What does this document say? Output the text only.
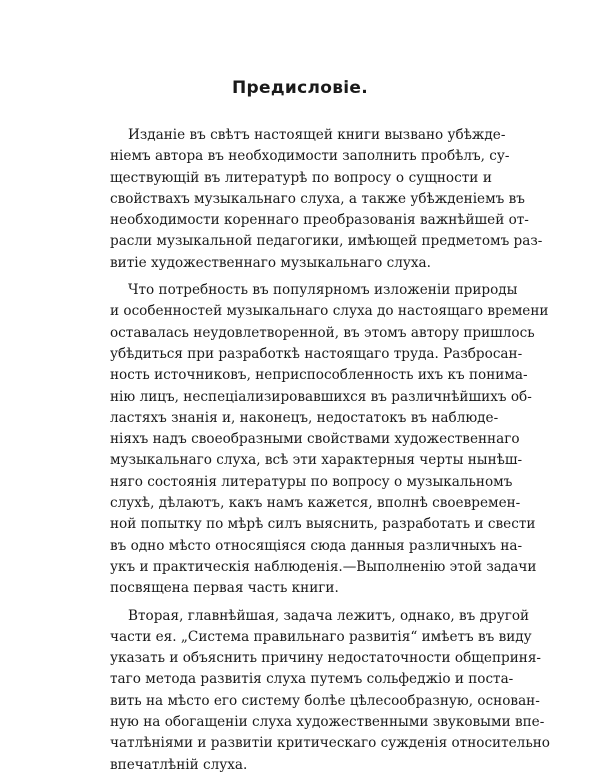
Предисловіе.
Изданіе въ свѣтъ настоящей книги вызвано убѣжде-
ніемъ автора въ необходимости заполнить пробѣлъ, су-
ществующій въ литературѣ по вопросу о сущности и
свойствахъ музыкальнаго слуха, а также убѣжденіемъ въ
необходимости кореннаго преобразованія важнѣйшей от-
расли музыкальной педагогики, имѣющей предметомъ раз-
витіе художественнаго музыкальнаго слуха.
Что потребность въ популярномъ изложеніи природы
и особенностей музыкальнаго слуха до настоящаго времени
оставалась неудовлетворенной, въ этомъ автору пришлось
убѣдиться при разработкѣ настоящаго труда. Разбросан-
ность источниковъ, неприспособленность ихъ къ понима-
нію лицъ, неспеціализировавшихся въ различнѣйшихъ об-
ластяхъ знанія и, наконецъ, недостатокъ въ наблюде-
ніяхъ надъ своеобразными свойствами художественнаго
музыкальнаго слуха, всѣ эти характерныя черты нынѣш-
няго состоянія литературы по вопросу о музыкальномъ
слухѣ, дѣлаютъ, какъ намъ кажется, вполнѣ своевремен-
ной попытку по мѣрѣ силъ выяснить, разработать и свести
въ одно мѣсто относящіяся сюда данныя различныхъ на-
укъ и практическія наблюденія.—Выполненію этой задачи
посвящена первая часть книги.
Вторая, главнѣйшая, задача лежитъ, однако, въ другой
части ея. „Система правильнаго развитія“ имѣетъ въ виду
указать и объяснить причину недостаточности общеприня-
таго метода развитія слуха путемъ сольфеджіо и поста-
вить на мѣсто его систему болѣе цѣлесообразную, основан-
ную на обогащеніи слуха художественными звуковыми впе-
чатлѣніями и развитіи критическаго сужденія относительно
впечатлѣній слуха.
